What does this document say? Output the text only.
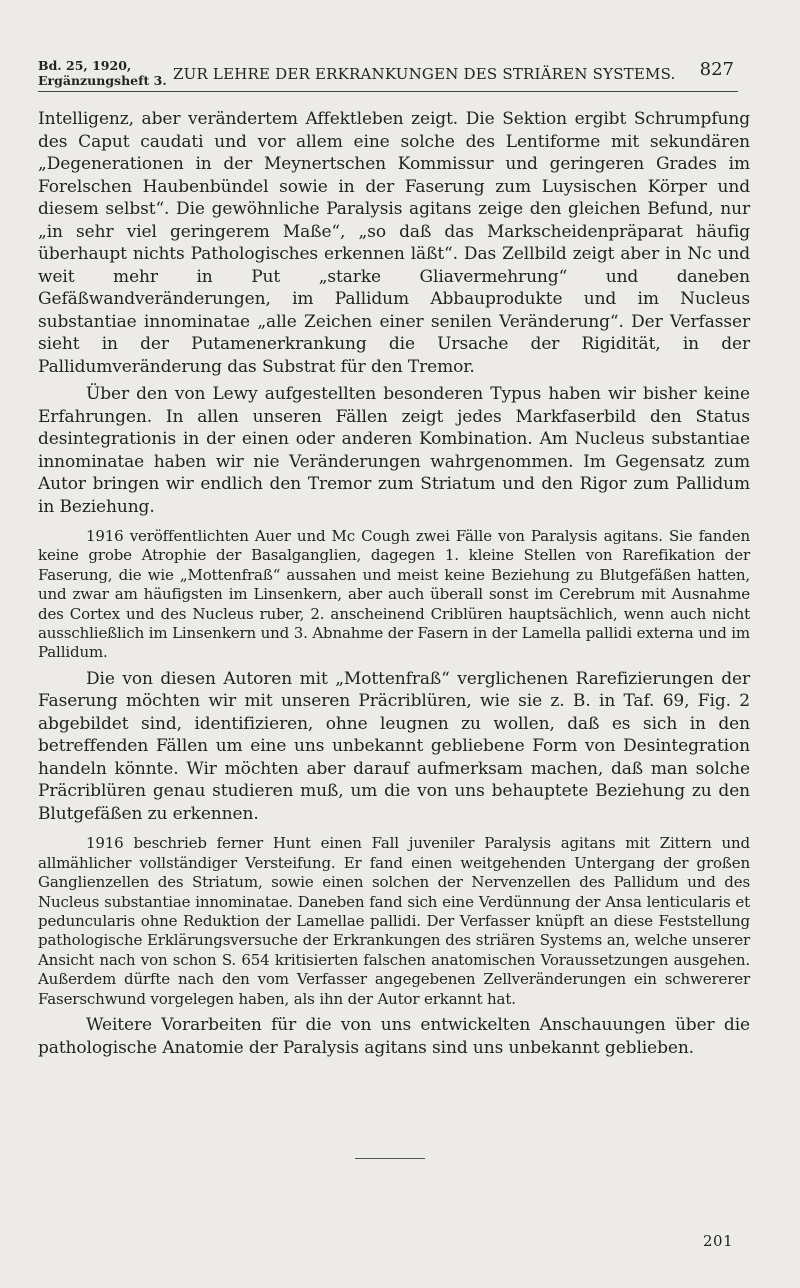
Bd. 25, 1920,
Ergänzungsheft 3. ZUR LEHRE DER ERKRANKUNGEN DES STRIÄREN SYSTEMS. 827

Intelligenz, aber verändertem Affektleben zeigt. Die Sektion ergibt Schrumpfung des Caput caudati und vor allem eine solche des Lentiforme mit sekundären „Degenerationen in der Meynertschen Kommissur und geringeren Grades im Forelschen Haubenbündel sowie in der Faserung zum Luysischen Körper und diesem selbst“. Die gewöhnliche Paralysis agitans zeige den gleichen Befund, nur „in sehr viel geringerem Maße“, „so daß das Markscheidenpräparat häufig überhaupt nichts Pathologisches erkennen läßt“. Das Zellbild zeigt aber in Nc und weit mehr in Put „starke Gliavermehrung“ und daneben Gefäßwandveränderungen, im Pallidum Abbauprodukte und im Nucleus substantiae innominatae „alle Zeichen einer senilen Veränderung“. Der Verfasser sieht in der Putamenerkrankung die Ursache der Rigidität, in der Pallidumveränderung das Substrat für den Tremor.

Über den von Lewy aufgestellten besonderen Typus haben wir bisher keine Erfahrungen. In allen unseren Fällen zeigt jedes Markfaserbild den Status desintegrationis in der einen oder anderen Kombination. Am Nucleus substantiae innominatae haben wir nie Veränderungen wahrgenommen. Im Gegensatz zum Autor bringen wir endlich den Tremor zum Striatum und den Rigor zum Pallidum in Beziehung.

1916 veröffentlichten Auer und Mc Cough zwei Fälle von Paralysis agitans. Sie fanden keine grobe Atrophie der Basalganglien, dagegen 1. kleine Stellen von Rarefikation der Faserung, die wie „Mottenfraß“ aussahen und meist keine Beziehung zu Blutgefäßen hatten, und zwar am häufigsten im Linsenkern, aber auch überall sonst im Cerebrum mit Ausnahme des Cortex und des Nucleus ruber, 2. anscheinend Criblüren hauptsächlich, wenn auch nicht ausschließlich im Linsenkern und 3. Abnahme der Fasern in der Lamella pallidi externa und im Pallidum.

Die von diesen Autoren mit „Mottenfraß“ verglichenen Rarefizierungen der Faserung möchten wir mit unseren Präcriblüren, wie sie z. B. in Taf. 69, Fig. 2 abgebildet sind, identifizieren, ohne leugnen zu wollen, daß es sich in den betreffenden Fällen um eine uns unbekannt gebliebene Form von Desintegration handeln könnte. Wir möchten aber darauf aufmerksam machen, daß man solche Präcriblüren genau studieren muß, um die von uns behauptete Beziehung zu den Blutgefäßen zu erkennen.

1916 beschrieb ferner Hunt einen Fall juveniler Paralysis agitans mit Zittern und allmählicher vollständiger Versteifung. Er fand einen weitgehenden Untergang der großen Ganglienzellen des Striatum, sowie einen solchen der Nervenzellen des Pallidum und des Nucleus substantiae innominatae. Daneben fand sich eine Verdünnung der Ansa lenticularis et peduncularis ohne Reduktion der Lamellae pallidi. Der Verfasser knüpft an diese Feststellung pathologische Erklärungsversuche der Erkrankungen des striären Systems an, welche unserer Ansicht nach von schon S. 654 kritisierten falschen anatomischen Voraussetzungen ausgehen. Außerdem dürfte nach den vom Verfasser angegebenen Zellveränderungen ein schwererer Faserschwund vorgelegen haben, als ihn der Autor erkannt hat.

Weitere Vorarbeiten für die von uns entwickelten Anschauungen über die pathologische Anatomie der Paralysis agitans sind uns unbekannt geblieben.

201
